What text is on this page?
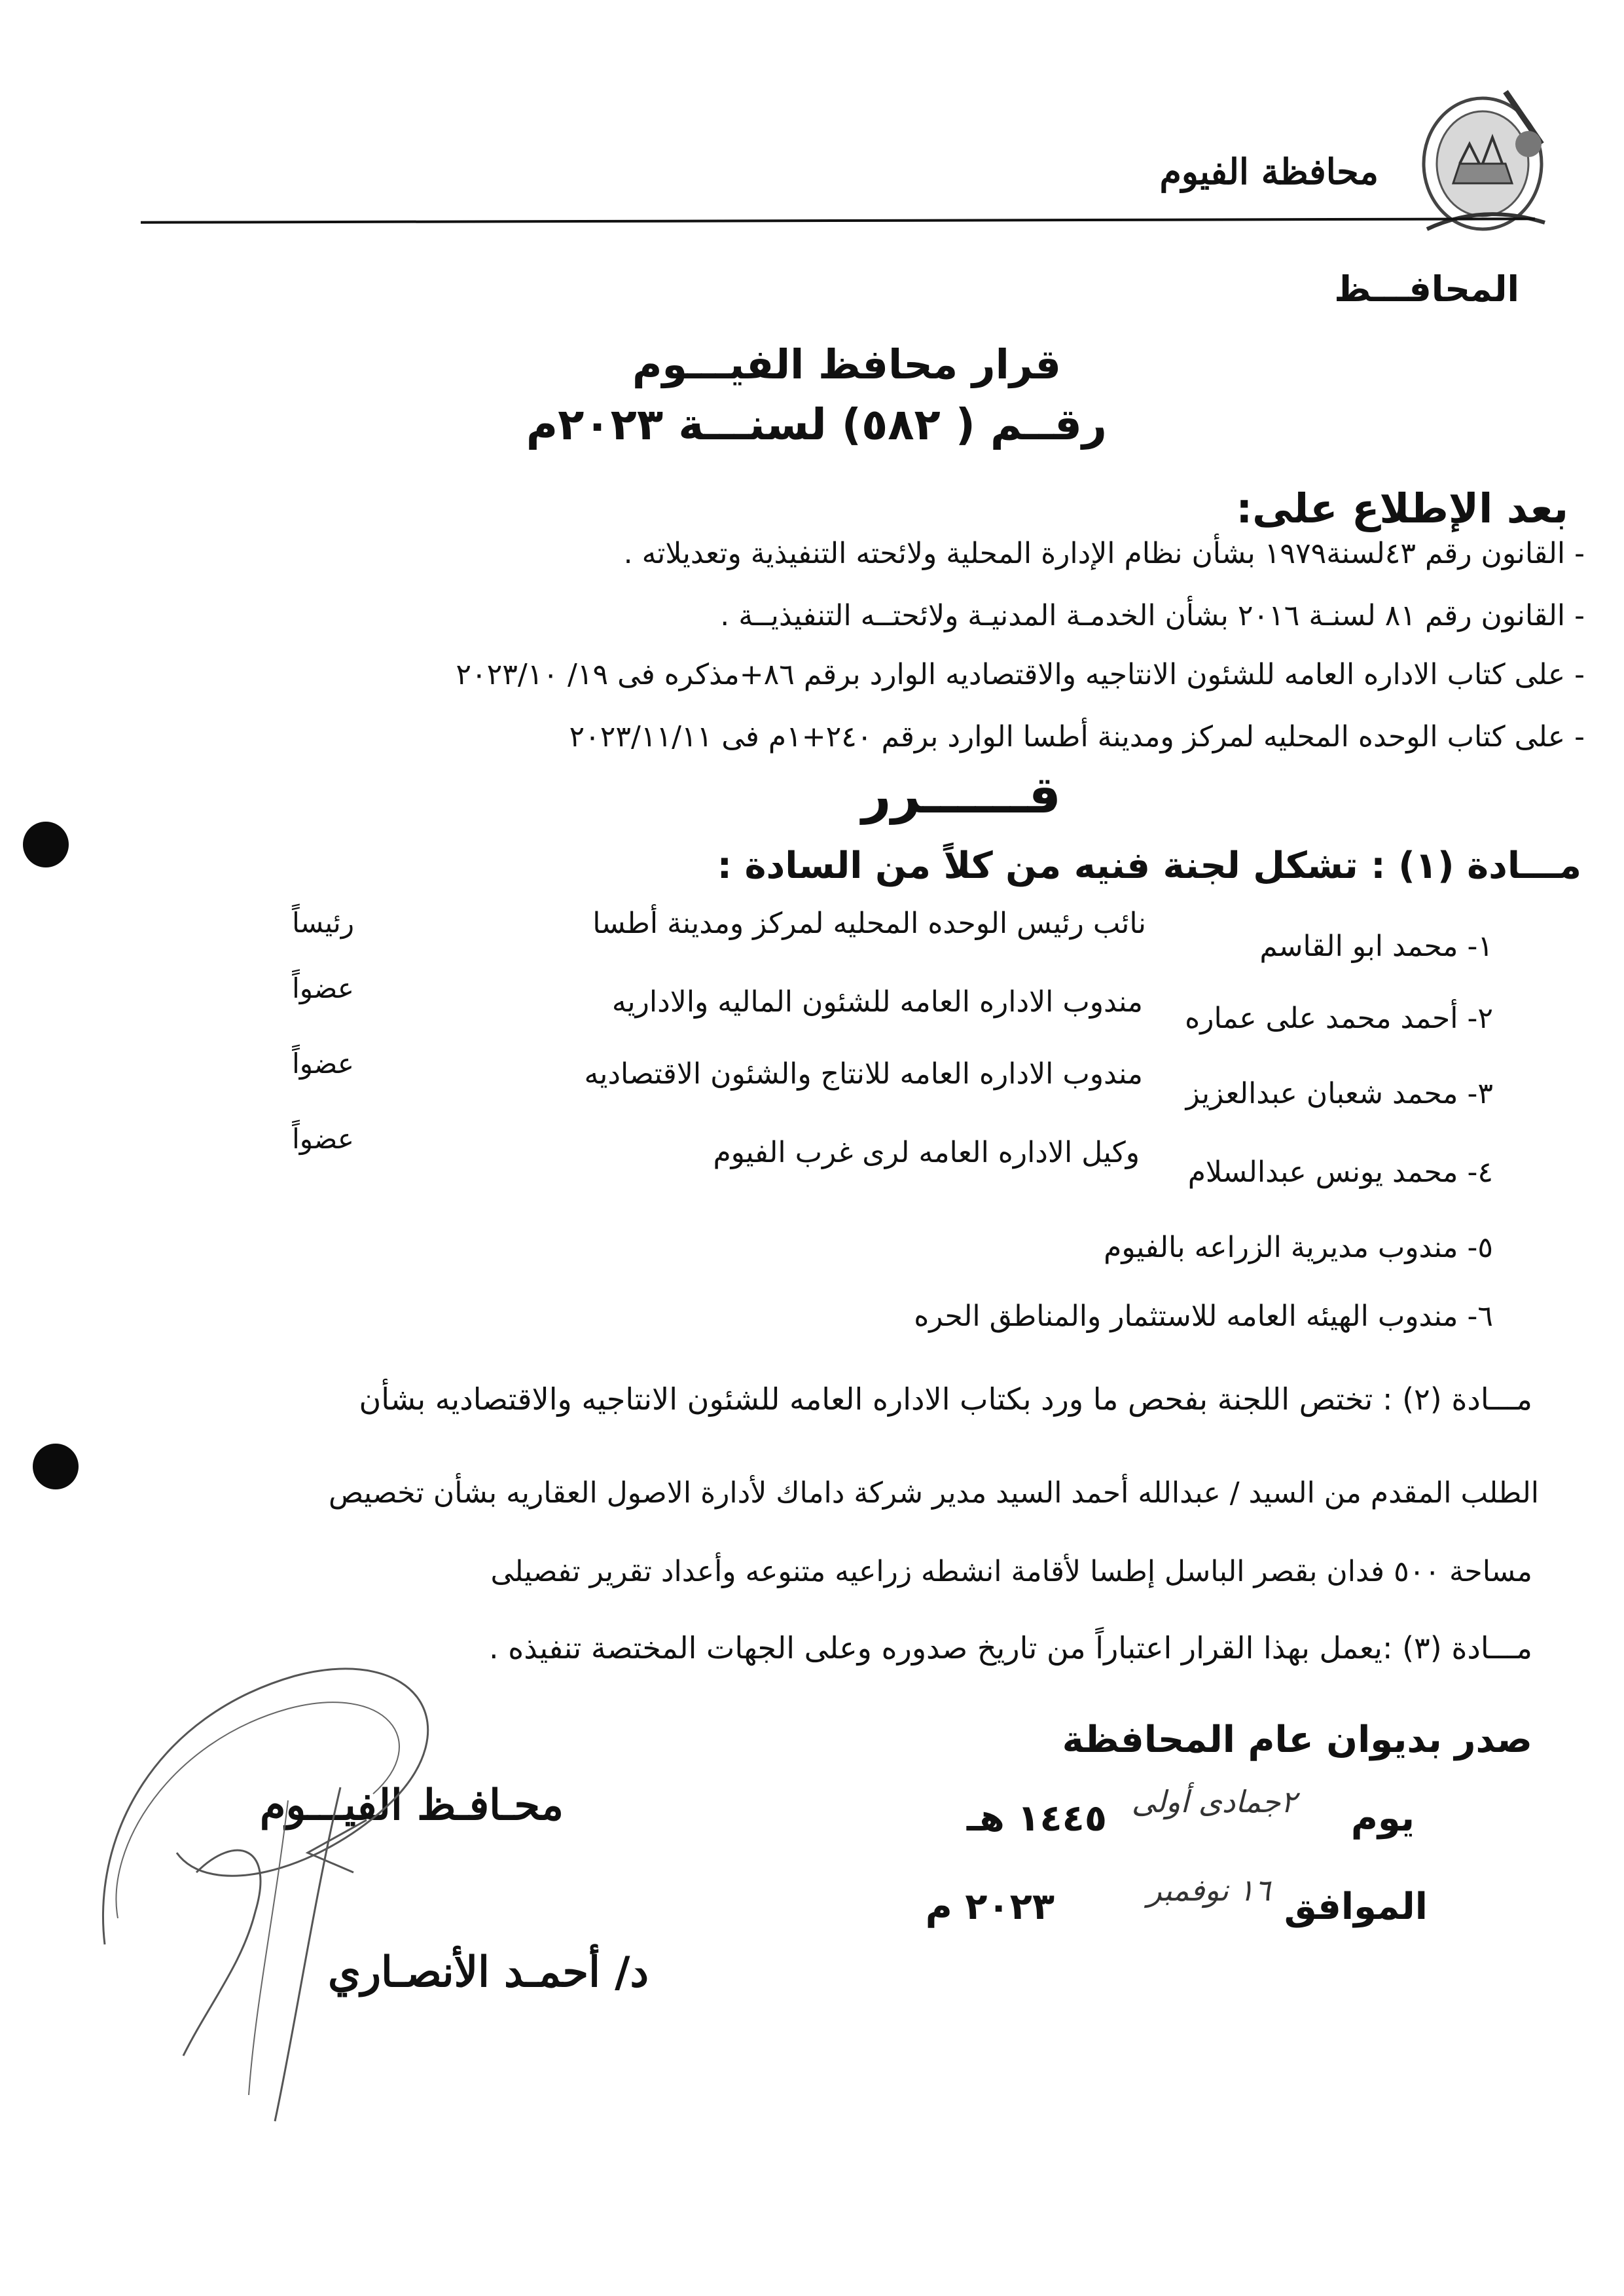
محافظة الفيوم
المحافـــظ
قرار محافظ الفيـــوم
رقــم ( ٥٨٢) لسنـــة ٢٠٢٣م
بعد الإطلاع على:
- القانون رقم ٤٣لسنة١٩٧٩ بشأن نظام الإدارة المحلية ولائحته التنفيذية وتعديلاته .
- القانون رقم ٨١ لسنـة ٢٠١٦ بشأن الخدمـة المدنيـة ولائحتــه التنفيذيــة .
- على كتاب الاداره العامه للشئون الانتاجيه والاقتصاديه الوارد برقم ٨٦+مذكره فى ١٩/ ٢٠٢٣/١٠
- على كتاب الوحده المحليه لمركز ومدينة أطسا الوارد برقم ٢٤٠+١م فى ٢٠٢٣/١١/١١
قــــــرر
مـــادة (١) : تشكل لجنة فنيه من كلاً من السادة :
١- محمد ابو القاسم
نائب رئيس الوحده المحليه لمركز ومدينة أطسا
رئيساً
٢- أحمد محمد على عماره
مندوب الاداره العامه للشئون الماليه والاداريه
عضواً
٣- محمد شعبان عبدالعزيز
مندوب الاداره العامه للانتاج والشئون الاقتصاديه
عضواً
٤- محمد يونس عبدالسلام
وكيل الاداره العامه لرى غرب الفيوم
عضواً
٥- مندوب مديرية الزراعه بالفيوم
٦- مندوب الهيئه العامه للاستثمار والمناطق الحره
مـــادة (٢) : تختص اللجنة بفحص ما ورد بكتاب الاداره العامه للشئون الانتاجيه والاقتصاديه بشأن
الطلب المقدم من السيد / عبدالله أحمد السيد مدير شركة داماك لأدارة الاصول العقاريه بشأن تخصيص
مساحة ٥٠٠ فدان بقصر الباسل إطسا لأقامة انشطه زراعيه متنوعه وأعداد تقرير تفصيلى
مـــادة (٣) :يعمل بهذا القرار اعتباراً من تاريخ صدوره وعلى الجهات المختصة تنفيذه .
صدر بديوان عام المحافظة
يوم
٢جمادى أولى
١٤٤٥ هـ
الموافق
١٦ نوفمبر
٢٠٢٣ م
محـافـظ الفيـــوم
د/ أحمـد الأنصـاري
